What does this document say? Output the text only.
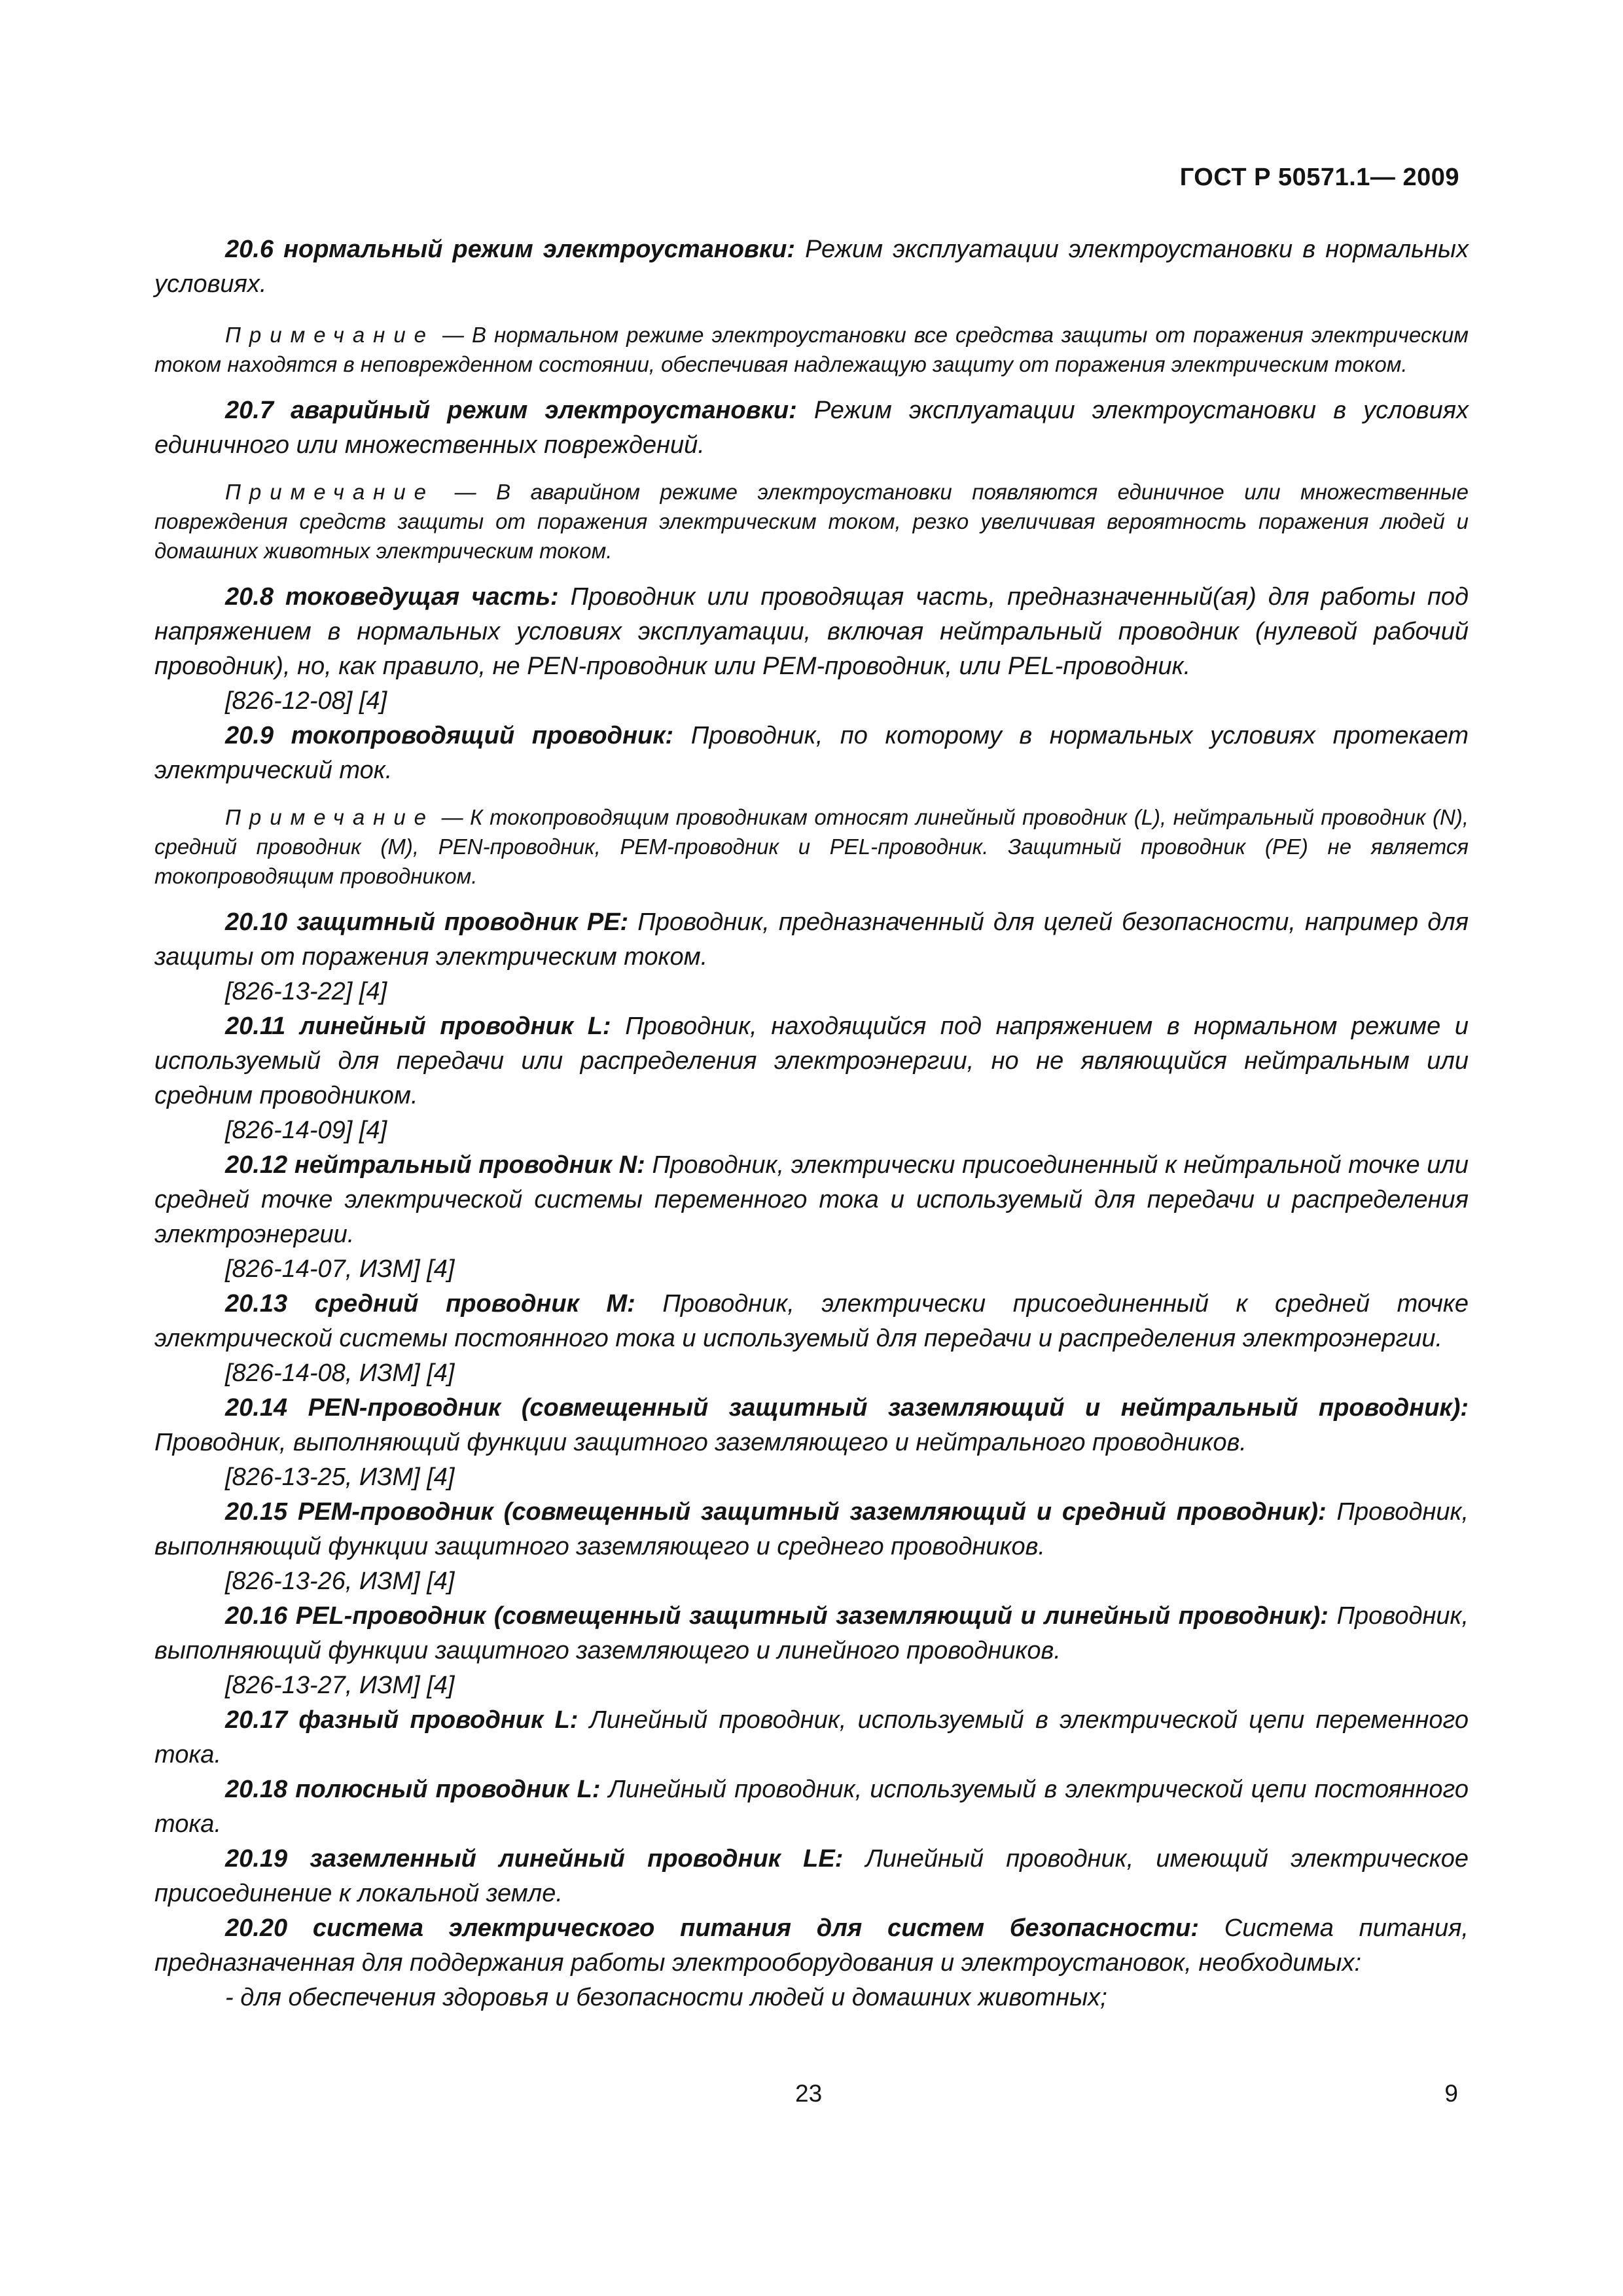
ГОСТ Р 50571.1— 2009

20.6 нормальный режим электроустановки: Режим эксплуатации электроустановки в нормальных условиях.

Примечание — В нормальном режиме электроустановки все средства защиты от поражения электрическим током находятся в неповрежденном состоянии, обеспечивая надлежащую защиту от поражения электрическим током.

20.7 аварийный режим электроустановки: Режим эксплуатации электроустановки в условиях единичного или множественных повреждений.

Примечание — В аварийном режиме электроустановки появляются единичное или множественные повреждения средств защиты от поражения электрическим током, резко увеличивая вероятность поражения людей и домашних животных электрическим током.

20.8 токоведущая часть: Проводник или проводящая часть, предназначенный(ая) для работы под напряжением в нормальных условиях эксплуатации, включая нейтральный проводник (нулевой рабочий проводник), но, как правило, не PEN-проводник или PEM-проводник, или PEL-проводник.

[826-12-08] [4]

20.9 токопроводящий проводник: Проводник, по которому в нормальных условиях протекает электрический ток.

Примечание — К токопроводящим проводникам относят линейный проводник (L), нейтральный проводник (N), средний проводник (M), PEN-проводник, PEM-проводник и PEL-проводник. Защитный проводник (PE) не является токопроводящим проводником.

20.10 защитный проводник PE: Проводник, предназначенный для целей безопасности, например для защиты от поражения электрическим током.

[826-13-22] [4]

20.11 линейный проводник L: Проводник, находящийся под напряжением в нормальном режиме и используемый для передачи или распределения электроэнергии, но не являющийся нейтральным или средним проводником.

[826-14-09] [4]

20.12 нейтральный проводник N: Проводник, электрически присоединенный к нейтральной точке или средней точке электрической системы переменного тока и используемый для передачи и распределения электроэнергии.

[826-14-07, ИЗМ] [4]

20.13 средний проводник M: Проводник, электрически присоединенный к средней точке электрической системы постоянного тока и используемый для передачи и распределения электроэнергии.

[826-14-08, ИЗМ] [4]

20.14 PEN-проводник (совмещенный защитный заземляющий и нейтральный проводник): Проводник, выполняющий функции защитного заземляющего и нейтрального проводников.

[826-13-25, ИЗМ] [4]

20.15 PEM-проводник (совмещенный защитный заземляющий и средний проводник): Проводник, выполняющий функции защитного заземляющего и среднего проводников.

[826-13-26, ИЗМ] [4]

20.16 PEL-проводник (совмещенный защитный заземляющий и линейный проводник): Проводник, выполняющий функции защитного заземляющего и линейного проводников.

[826-13-27, ИЗМ] [4]

20.17 фазный проводник L: Линейный проводник, используемый в электрической цепи переменного тока.

20.18 полюсный проводник L: Линейный проводник, используемый в электрической цепи постоянного тока.

20.19 заземленный линейный проводник LE: Линейный проводник, имеющий электрическое присоединение к локальной земле.

20.20 система электрического питания для систем безопасности: Система питания, предназначенная для поддержания работы электрооборудования и электроустановок, необходимых:

- для обеспечения здоровья и безопасности людей и домашних животных;

23	9
